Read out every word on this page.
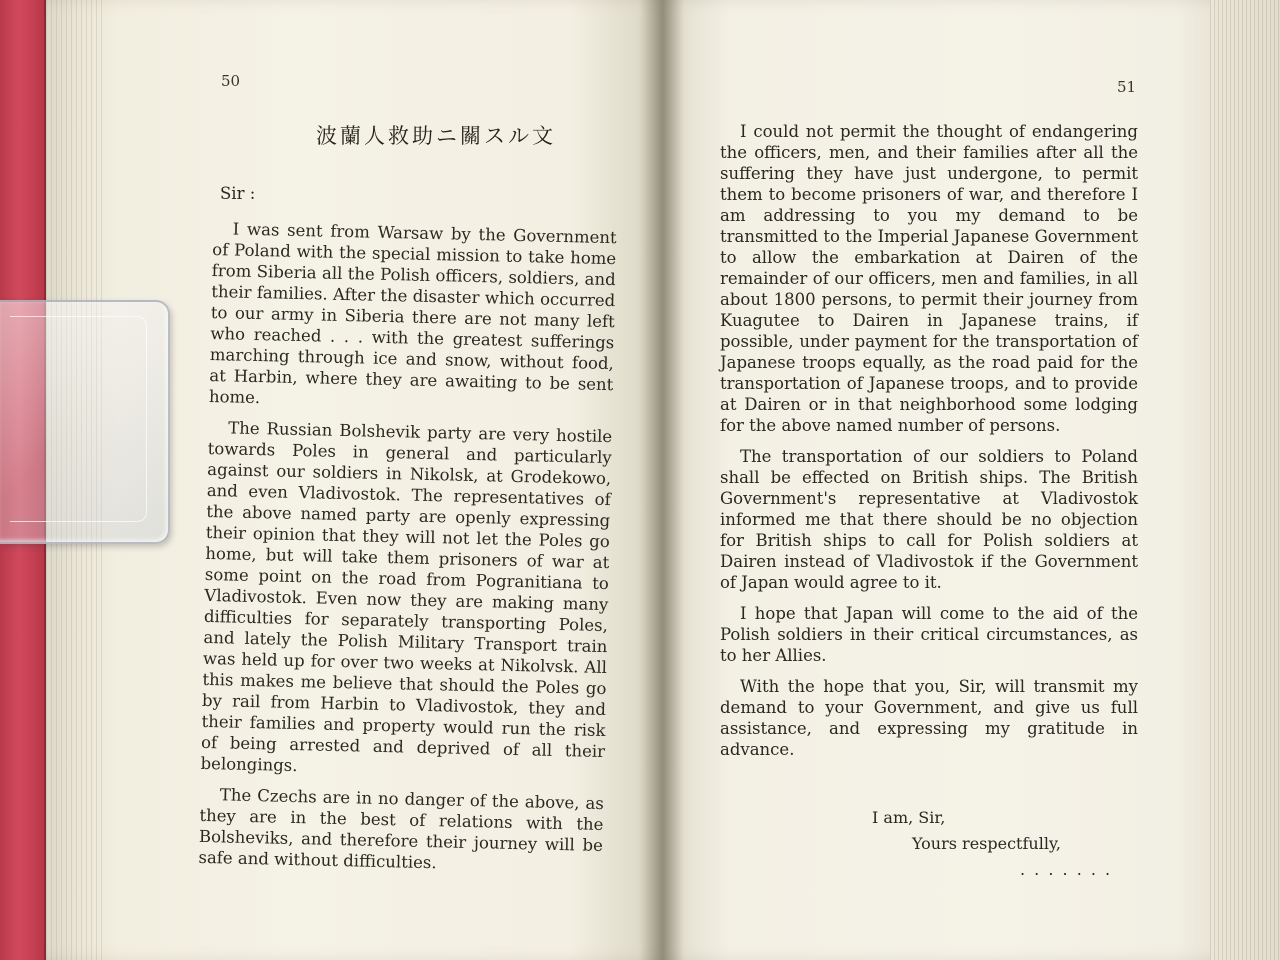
50
波蘭人救助ニ關スル文
Sir :

I was sent from Warsaw by the Government of Poland with the special mission to take home from Siberia all the Polish officers, soldiers, and their families. After the disaster which occurred to our army in Siberia there are not many left who reached . . . with the greatest sufferings marching through ice and snow, without food, at Harbin, where they are awaiting to be sent home.

The Russian Bolshevik party are very hostile towards Poles in general and particularly against our soldiers in Nikolsk, at Grodekowo, and even Vladivostok. The representatives of the above named party are openly expressing their opinion that they will not let the Poles go home, but will take them prisoners of war at some point on the road from Pogranitiana to Vladivostok. Even now they are making many difficulties for separately transporting Poles, and lately the Polish Military Transport train was held up for over two weeks at Nikolvsk. All this makes me believe that should the Poles go by rail from Harbin to Vladivostok, they and their families and property would run the risk of being arrested and deprived of all their belongings.

The Czechs are in no danger of the above, as they are in the best of relations with the Bolsheviks, and therefore their journey will be safe and without difficulties.

51

I could not permit the thought of endangering the officers, men, and their families after all the suffering they have just undergone, to permit them to become prisoners of war, and therefore I am addressing to you my demand to be transmitted to the Imperial Japanese Government to allow the embarkation at Dairen of the remainder of our officers, men and families, in all about 1800 persons, to permit their journey from Kuagutee to Dairen in Japanese trains, if possible, under payment for the transportation of Japanese troops equally, as the road paid for the transportation of Japanese troops, and to provide at Dairen or in that neighborhood some lodging for the above named number of persons.

The transportation of our soldiers to Poland shall be effected on British ships. The British Government's representative at Vladivostok informed me that there should be no objection for British ships to call for Polish soldiers at Dairen instead of Vladivostok if the Government of Japan would agree to it.

I hope that Japan will come to the aid of the Polish soldiers in their critical circumstances, as to her Allies.

With the hope that you, Sir, will transmit my demand to your Government, and give us full assistance, and expressing my gratitude in advance.

I am, Sir,
Yours respectfully,
. . . . . . .
